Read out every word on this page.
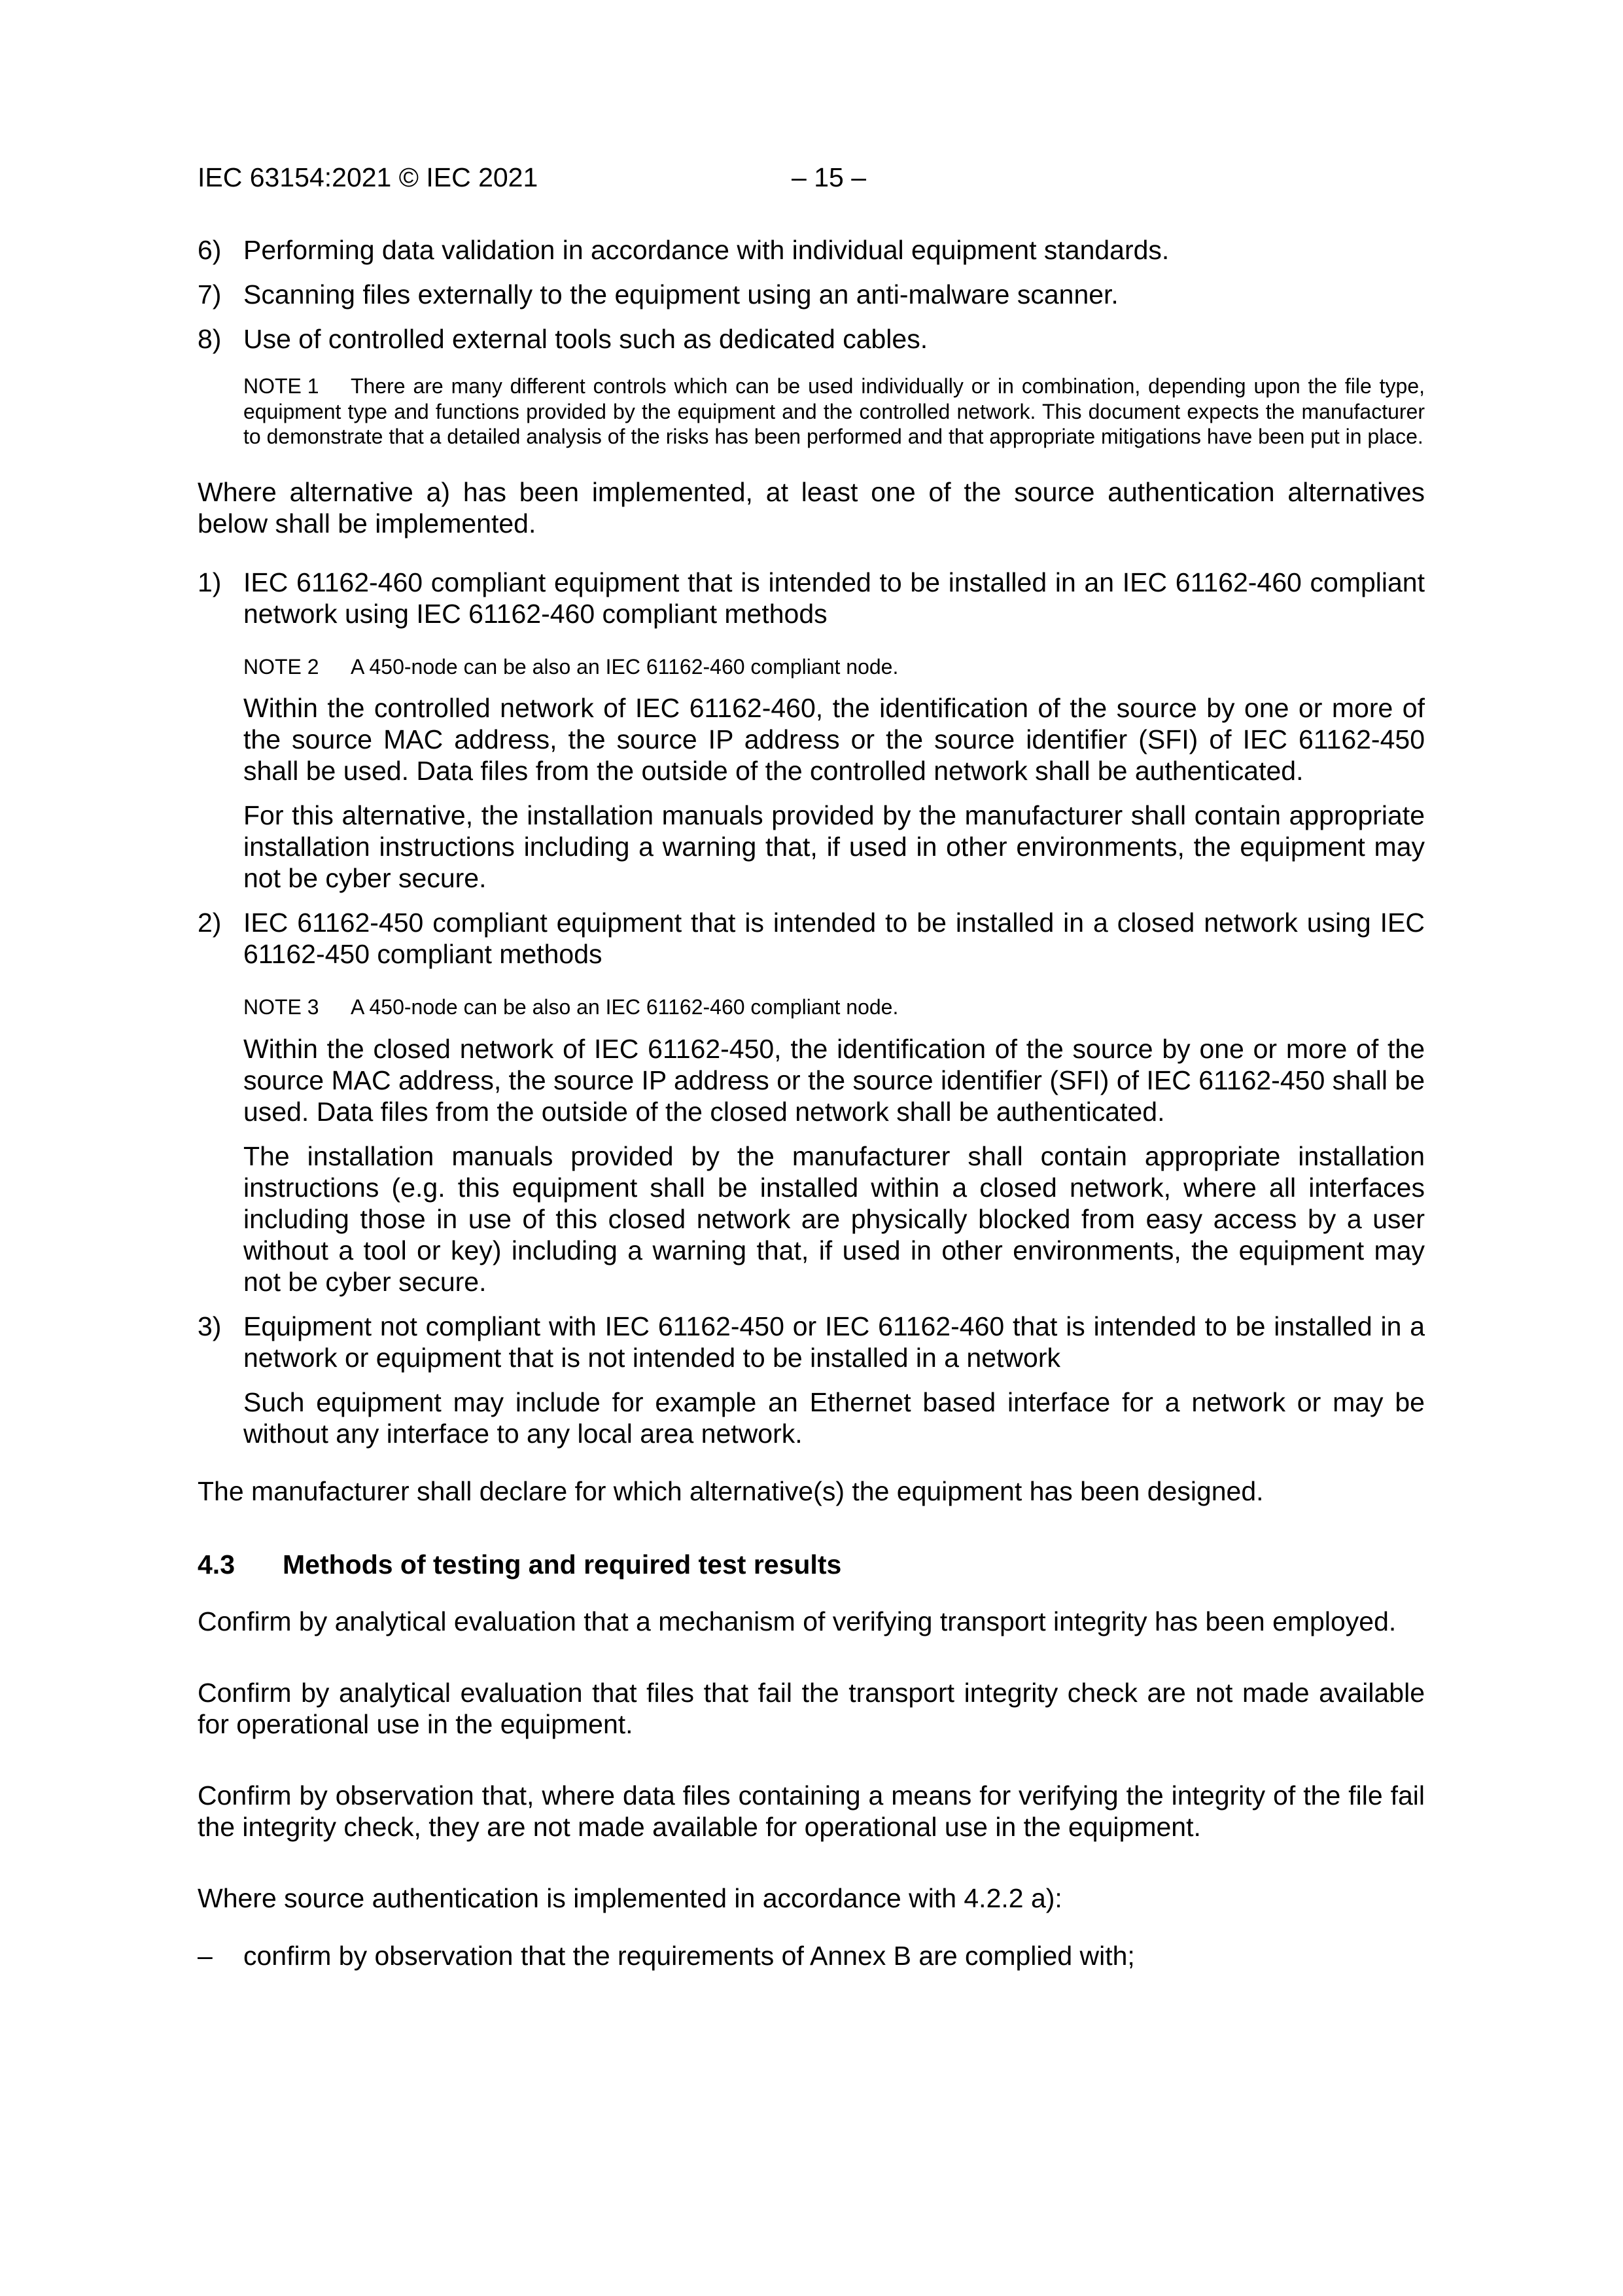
IEC 63154:2021 © IEC 2021	– 15 –
6) Performing data validation in accordance with individual equipment standards.
7) Scanning files externally to the equipment using an anti-malware scanner.
8) Use of controlled external tools such as dedicated cables.

NOTE 1 There are many different controls which can be used individually or in combination, depending upon the file type, equipment type and functions provided by the equipment and the controlled network. This document expects the manufacturer to demonstrate that a detailed analysis of the risks has been performed and that appropriate mitigations have been put in place.

Where alternative a) has been implemented, at least one of the source authentication alternatives below shall be implemented.

1) IEC 61162-460 compliant equipment that is intended to be installed in an IEC 61162-460 compliant network using IEC 61162-460 compliant methods

NOTE 2 A 450-node can be also an IEC 61162-460 compliant node.

Within the controlled network of IEC 61162-460, the identification of the source by one or more of the source MAC address, the source IP address or the source identifier (SFI) of IEC 61162-450 shall be used. Data files from the outside of the controlled network shall be authenticated.

For this alternative, the installation manuals provided by the manufacturer shall contain appropriate installation instructions including a warning that, if used in other environments, the equipment may not be cyber secure.

2) IEC 61162-450 compliant equipment that is intended to be installed in a closed network using IEC 61162-450 compliant methods

NOTE 3 A 450-node can be also an IEC 61162-460 compliant node.

Within the closed network of IEC 61162-450, the identification of the source by one or more of the source MAC address, the source IP address or the source identifier (SFI) of IEC 61162-450 shall be used. Data files from the outside of the closed network shall be authenticated.

The installation manuals provided by the manufacturer shall contain appropriate installation instructions (e.g. this equipment shall be installed within a closed network, where all interfaces including those in use of this closed network are physically blocked from easy access by a user without a tool or key) including a warning that, if used in other environments, the equipment may not be cyber secure.

3) Equipment not compliant with IEC 61162-450 or IEC 61162-460 that is intended to be installed in a network or equipment that is not intended to be installed in a network

Such equipment may include for example an Ethernet based interface for a network or may be without any interface to any local area network.

The manufacturer shall declare for which alternative(s) the equipment has been designed.

4.3 Methods of testing and required test results

Confirm by analytical evaluation that a mechanism of verifying transport integrity has been employed.

Confirm by analytical evaluation that files that fail the transport integrity check are not made available for operational use in the equipment.

Confirm by observation that, where data files containing a means for verifying the integrity of the file fail the integrity check, they are not made available for operational use in the equipment.

Where source authentication is implemented in accordance with 4.2.2 a):

– confirm by observation that the requirements of Annex B are complied with;
